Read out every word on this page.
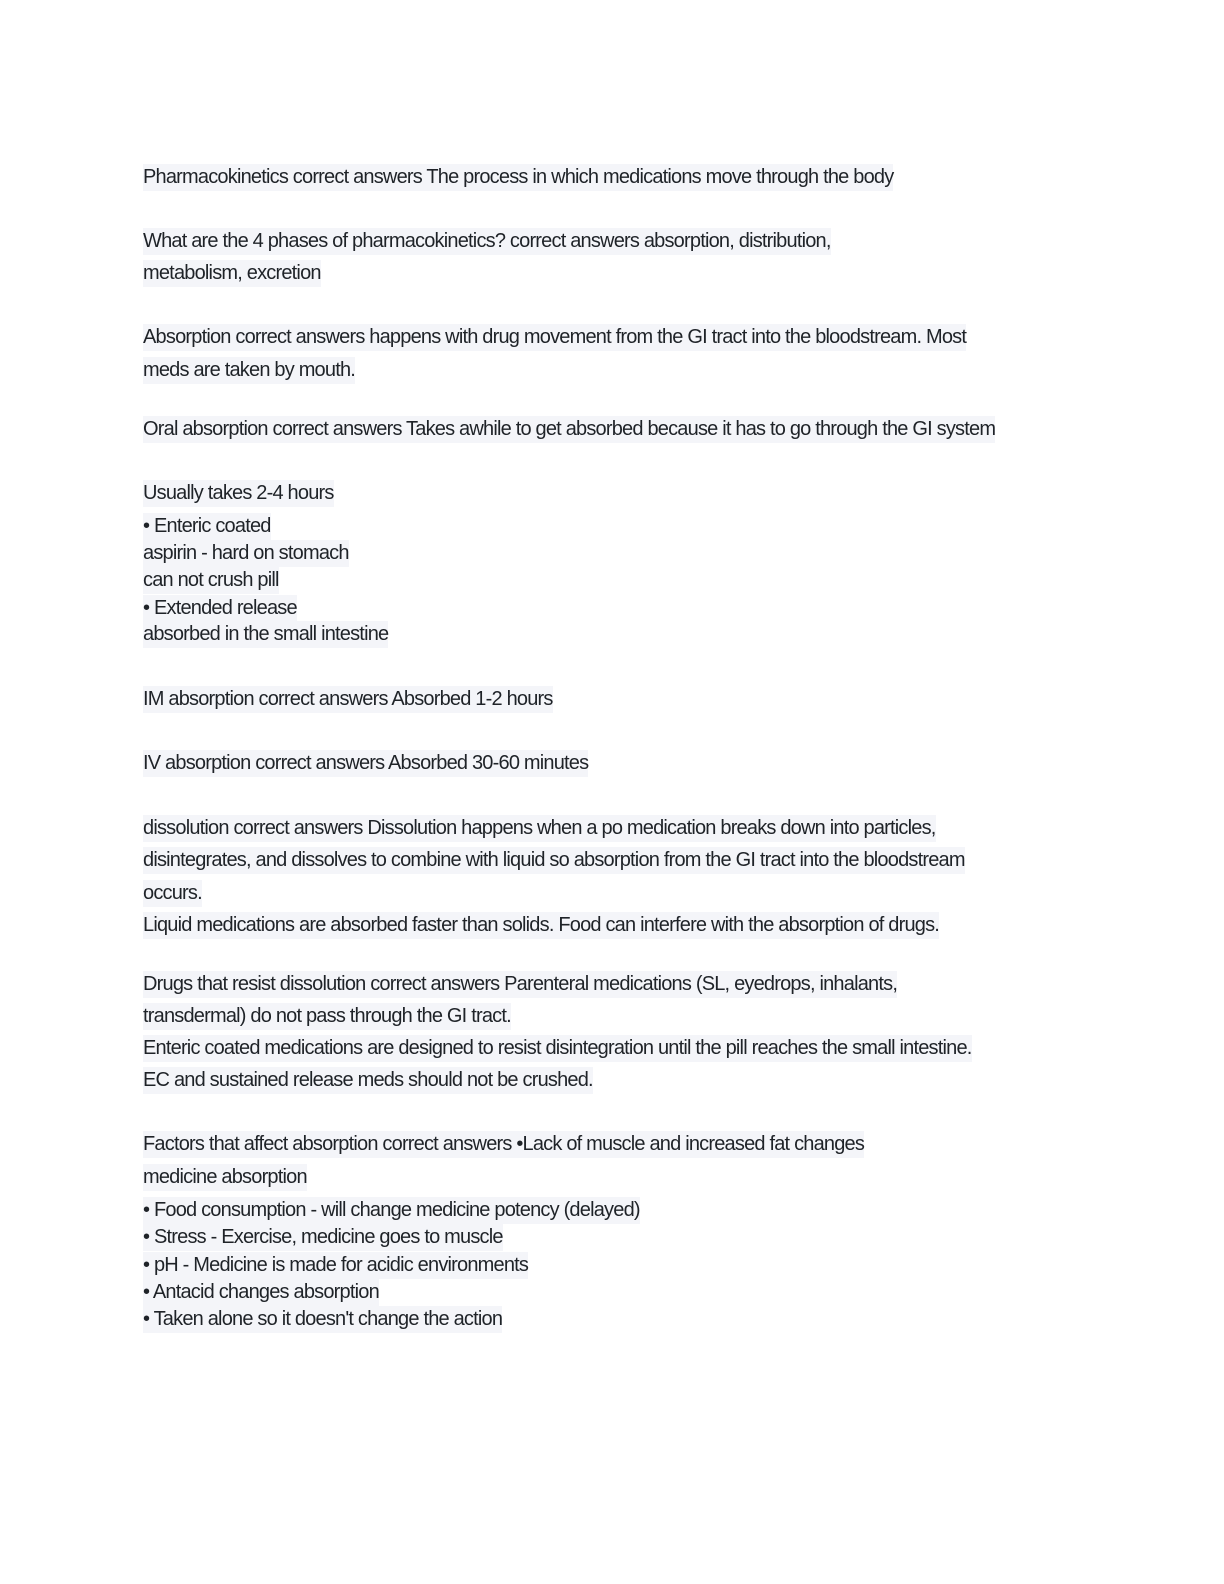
Pharmacokinetics correct answers The process in which medications move through the body
What are the 4 phases of pharmacokinetics? correct answers absorption, distribution,
metabolism, excretion
Absorption correct answers happens with drug movement from the GI tract into the bloodstream. Most
meds are taken by mouth.
Oral absorption correct answers Takes awhile to get absorbed because it has to go through the GI system
Usually takes 2-4 hours
• Enteric coated
aspirin - hard on stomach
can not crush pill
• Extended release
absorbed in the small intestine
IM absorption correct answers Absorbed 1-2 hours
IV absorption correct answers Absorbed 30-60 minutes
dissolution correct answers Dissolution happens when a po medication breaks down into particles,
disintegrates, and dissolves to combine with liquid so absorption from the GI tract into the bloodstream
occurs.
Liquid medications are absorbed faster than solids. Food can interfere with the absorption of drugs.
Drugs that resist dissolution correct answers Parenteral medications (SL, eyedrops, inhalants,
transdermal) do not pass through the GI tract.
Enteric coated medications are designed to resist disintegration until the pill reaches the small intestine.
EC and sustained release meds should not be crushed.
Factors that affect absorption correct answers •Lack of muscle and increased fat changes
medicine absorption
• Food consumption - will change medicine potency (delayed)
• Stress - Exercise, medicine goes to muscle
• pH - Medicine is made for acidic environments
• Antacid changes absorption
• Taken alone so it doesn't change the action
